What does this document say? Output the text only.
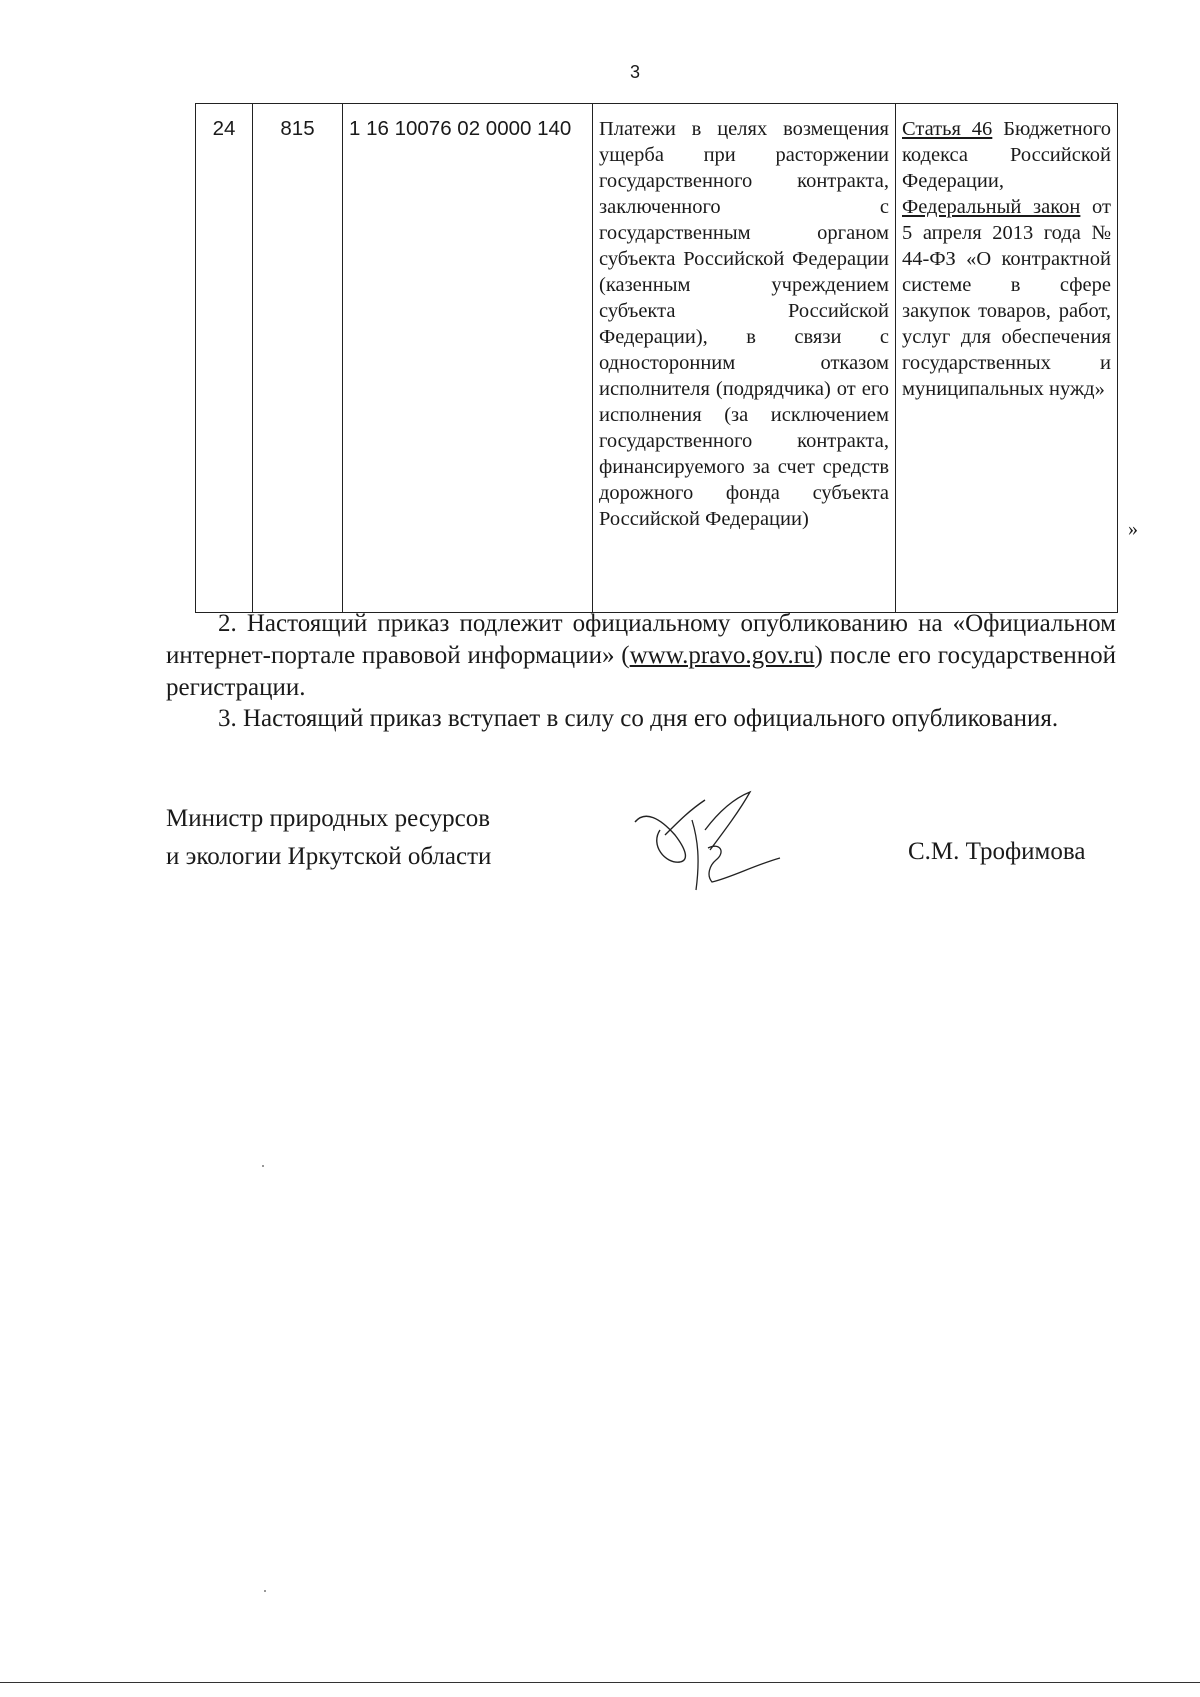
3
24	815	1 16 10076 02 0000 140	Платежи в целях возмещения ущерба при расторжении государственного контракта, заключенного с государственным органом субъекта Российской Федерации (казенным учреждением субъекта Российской Федерации), в связи с односторонним отказом исполнителя (подрядчика) от его исполнения (за исключением государственного контракта, финансируемого за счет средств дорожного фонда субъекта Российской Федерации)	Статья 46 Бюджетного кодекса Российской Федерации, Федеральный закон от 5 апреля 2013 года № 44-ФЗ «О контрактной системе в сфере закупок товаров, работ, услуг для обеспечения государственных и муниципальных нужд»
»
2. Настоящий приказ подлежит официальному опубликованию на «Официальном интернет-портале правовой информации» (www.pravo.gov.ru) после его государственной регистрации.
3. Настоящий приказ вступает в силу со дня его официального опубликования.
Министр природных ресурсов
и экологии Иркутской области	С.М. Трофимова
